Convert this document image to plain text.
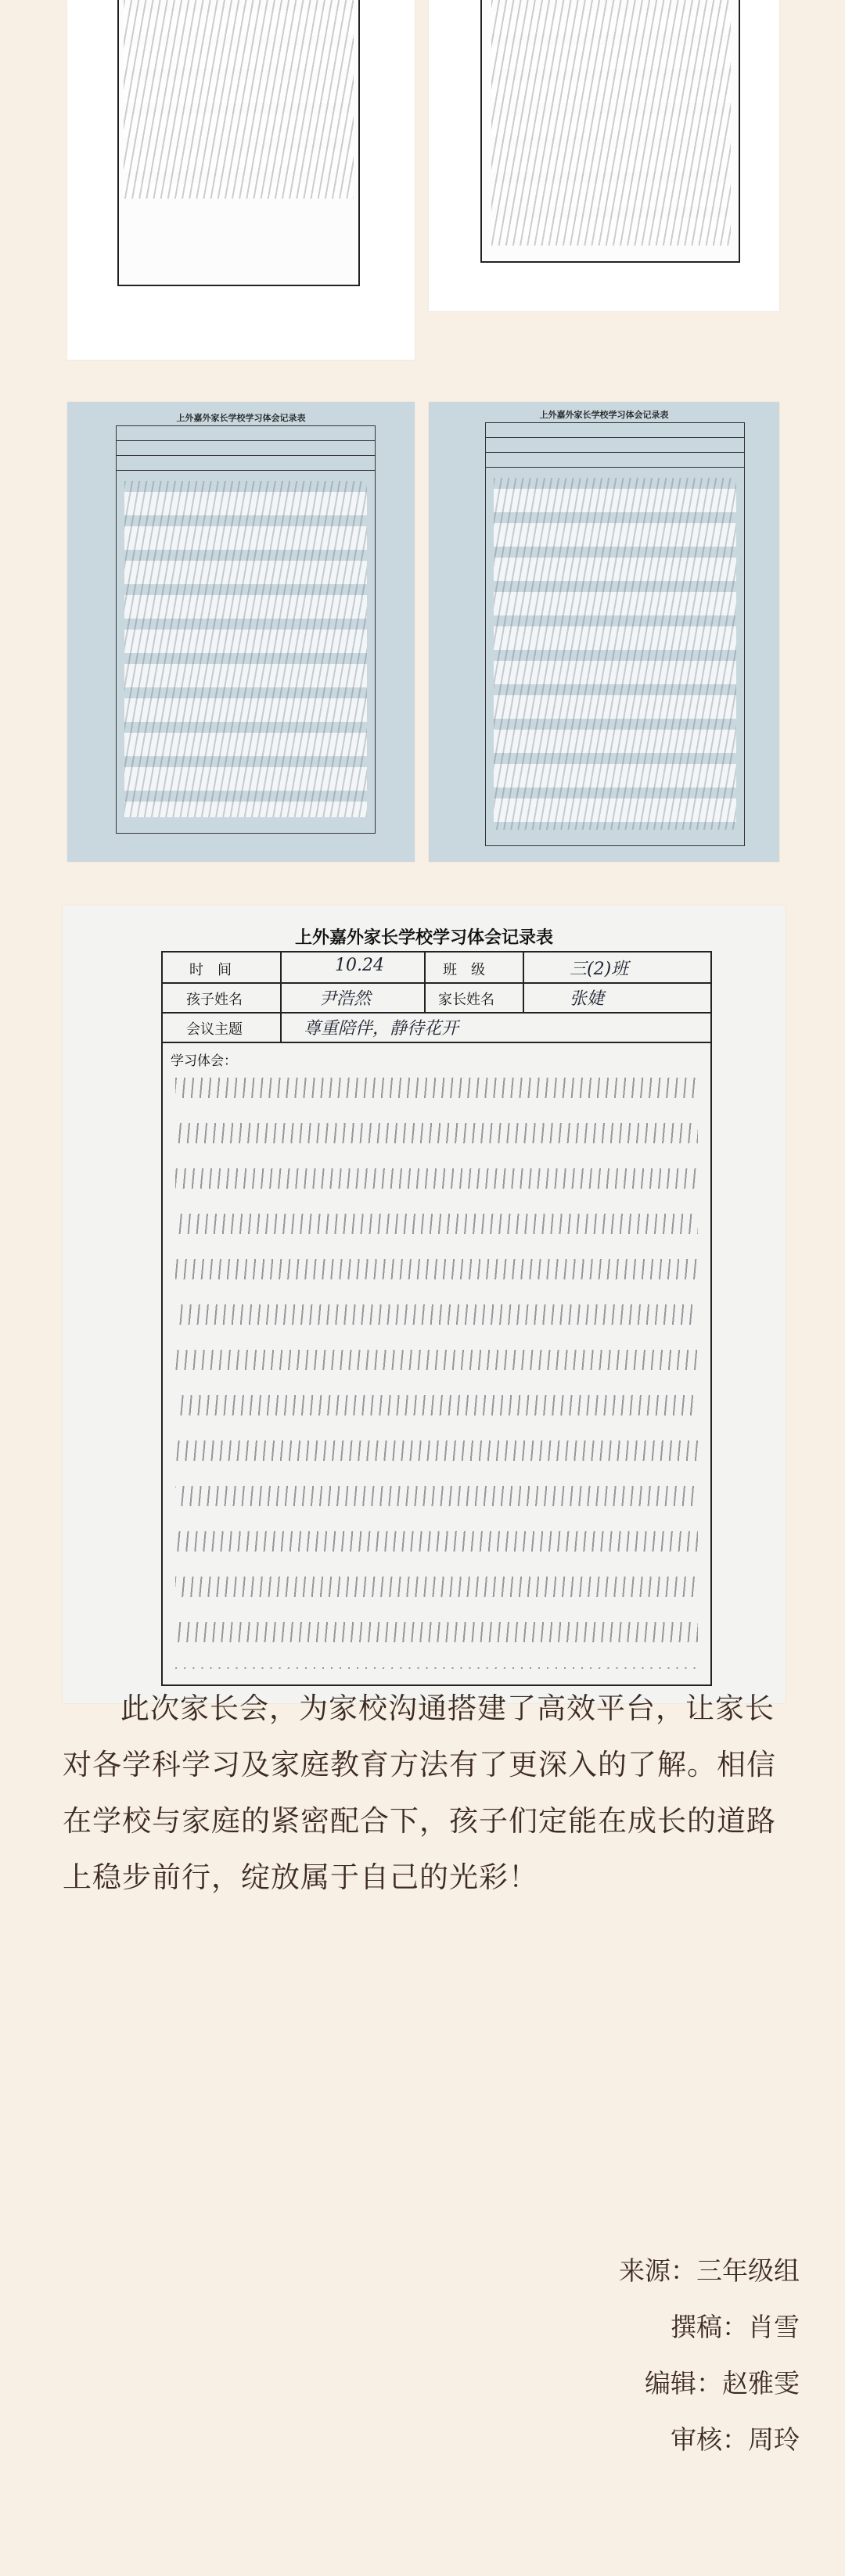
上外嘉外家长学校学习体会记录表	上外嘉外家长学校学习体会记录表
上外嘉外家长学校学习体会记录表
时　间	10.24	班　级	三(2)班
孩子姓名	尹浩然	家长姓名	张婕
会议主题	尊重陪伴，静待花开
学习体会：

此次家长会，为家校沟通搭建了高效平台，让家长对各学科学习及家庭教育方法有了更深入的了解。相信在学校与家庭的紧密配合下，孩子们定能在成长的道路上稳步前行，绽放属于自己的光彩！

来源：三年级组
撰稿：肖雪
编辑：赵雅雯
审核：周玲
